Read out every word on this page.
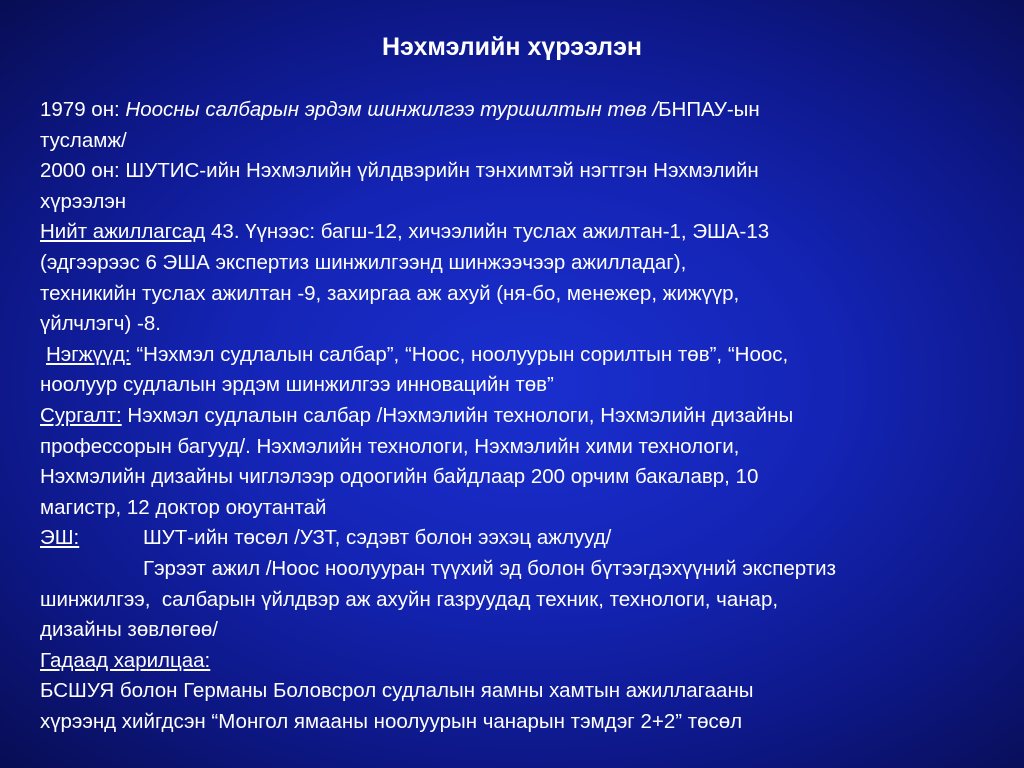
Нэхмэлийн хүрээлэн
1979 он: Ноосны салбарын эрдэм шинжилгээ туршилтын төв /БНПАУ-ын
тусламж/
2000 он: ШУТИС-ийн Нэхмэлийн үйлдвэрийн тэнхимтэй нэгтгэн Нэхмэлийн
хүрээлэн
Нийт ажиллагсад 43. Үүнээс: багш-12, хичээлийн туслах ажилтан-1, ЭША-13
(эдгээрээс 6 ЭША экспертиз шинжилгээнд шинжээчээр ажилладаг),
техникийн туслах ажилтан -9, захиргаа аж ахуй (ня-бо, менежер, жижүүр,
үйлчлэгч) -8.
Нэгжүүд: “Нэхмэл судлалын салбар”, “Ноос, ноолуурын сорилтын төв”, “Ноос,
ноолуур судлалын эрдэм шинжилгээ инновацийн төв”
Сургалт: Нэхмэл судлалын салбар /Нэхмэлийн технологи, Нэхмэлийн дизайны
профессорын багууд/. Нэхмэлийн технологи, Нэхмэлийн хими технологи,
Нэхмэлийн дизайны чиглэлээр одоогийн байдлаар 200 орчим бакалавр, 10
магистр, 12 доктор оюутантай
ЭШ:	ШУТ-ийн төсөл /УЗТ, сэдэвт болон ээхэц ажлууд/
Гэрээт ажил /Ноос ноолууран түүхий эд болон бүтээгдэхүүний экспертиз
шинжилгээ,  салбарын үйлдвэр аж ахуйн газруудад техник, технологи, чанар,
дизайны зөвлөгөө/
Гадаад харилцаа:
БСШУЯ болон Германы Боловсрол судлалын яамны хамтын ажиллагааны
хүрээнд хийгдсэн “Монгол ямааны ноолуурын чанарын тэмдэг 2+2” төсөл
